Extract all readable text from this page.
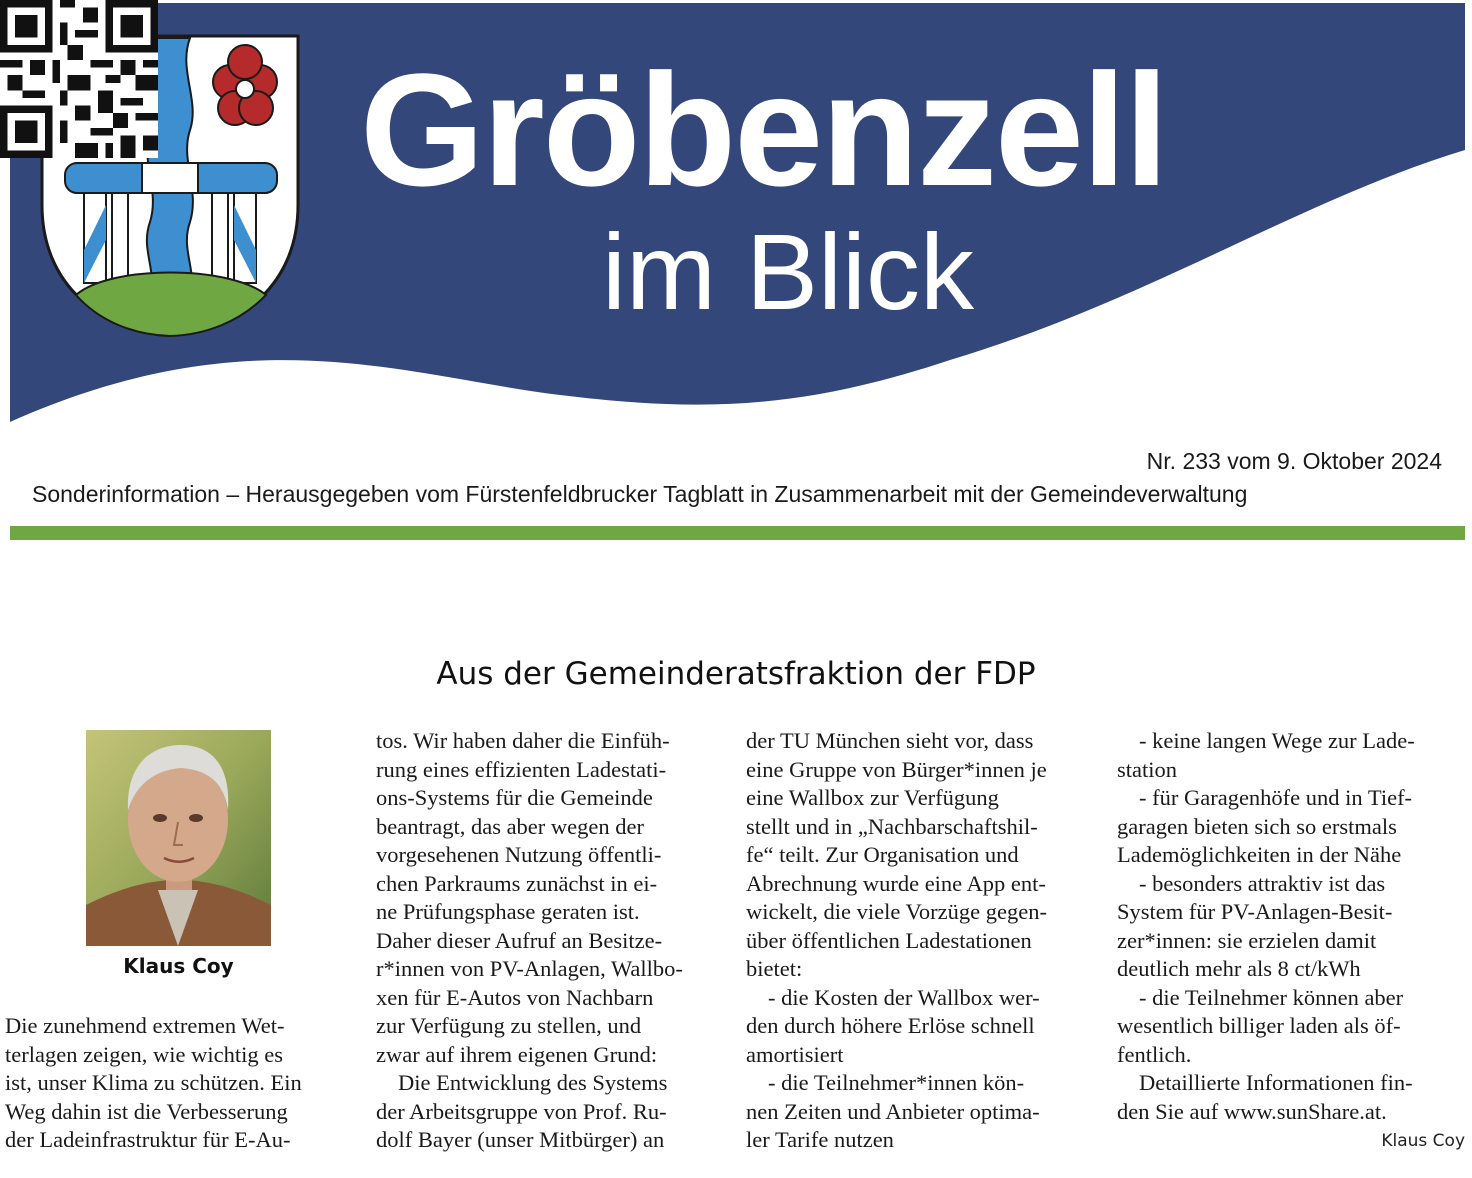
Gröbenzell
im Blick
Nr. 233 vom 9. Oktober 2024
Sonderinformation – Herausgegeben vom Fürstenfeldbrucker Tagblatt in Zusammenarbeit mit der Gemeindeverwaltung
Aus der Gemeinderatsfraktion der FDP
Klaus Coy

Die zunehmend extremen Wet-
terlagen zeigen, wie wichtig es
ist, unser Klima zu schützen. Ein
Weg dahin ist die Verbesserung
der Ladeinfrastruktur für E-Au-

tos. Wir haben daher die Einfüh-
rung eines effizienten Ladestati-
ons-Systems für die Gemeinde
beantragt, das aber wegen der
vorgesehenen Nutzung öffentli-
chen Parkraums zunächst in ei-
ne Prüfungsphase geraten ist.
Daher dieser Aufruf an Besitze-
r*innen von PV-Anlagen, Wallbo-
xen für E-Autos von Nachbarn
zur Verfügung zu stellen, und
zwar auf ihrem eigenen Grund:
Die Entwicklung des Systems
der Arbeitsgruppe von Prof. Ru-
dolf Bayer (unser Mitbürger) an
der TU München sieht vor, dass
eine Gruppe von Bürger*innen je
eine Wallbox zur Verfügung
stellt und in „Nachbarschaftshil-
fe“ teilt. Zur Organisation und
Abrechnung wurde eine App ent-
wickelt, die viele Vorzüge gegen-
über öffentlichen Ladestationen
bietet:
- die Kosten der Wallbox wer-
den durch höhere Erlöse schnell
amortisiert
- die Teilnehmer*innen kön-
nen Zeiten und Anbieter optima-
ler Tarife nutzen
- keine langen Wege zur Lade-
station
- für Garagenhöfe und in Tief-
garagen bieten sich so erstmals
Lademöglichkeiten in der Nähe
- besonders attraktiv ist das
System für PV-Anlagen-Besit-
zer*innen: sie erzielen damit
deutlich mehr als 8 ct/kWh
- die Teilnehmer können aber
wesentlich billiger laden als öf-
fentlich.
Detaillierte Informationen fin-
den Sie auf www.sunShare.at.
Klaus Coy
